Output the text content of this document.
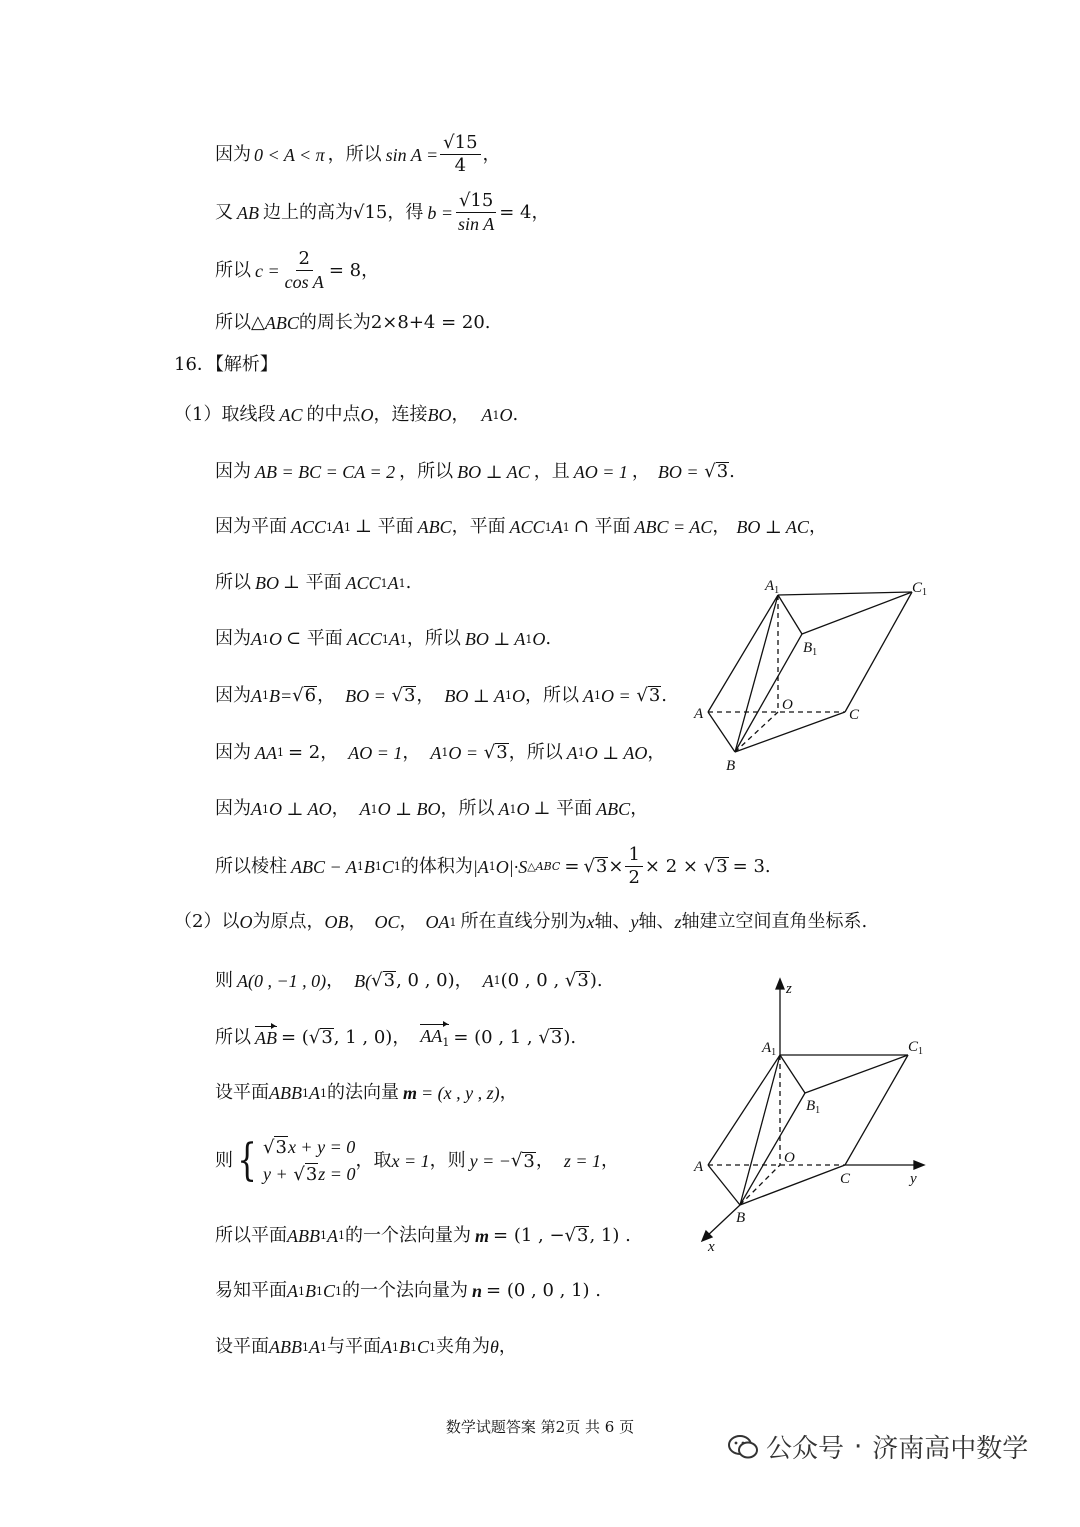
因为 0 < A < π ，所以 $\sin A = \frac{√15}{4}$ ，
又 AB 边上的高为 √15 ，得 $b = \frac{√15}{\text{sin A}} = 4$ ，
所以 $c = \frac{2}{\text{cos A}} = 8$ ，
所以△ ABC 的周长为 2×8+4 = 20 .
16．【解析】
（1）取线段 AC 的中点 O ，连接 BO ， A 1 O .
因为 AB = BC = CA = 2 ，所以 BO ⊥ AC ，且 AO = 1 ， BO = √ 3 .
因为平面 ACC 1 A 1 ⊥ 平面 ABC ，平面 ACC 1 A 1 ∩ 平面 ABC = AC ， BO ⊥ AC ，
所以 BO ⊥ 平面 ACC 1 A 1 .
因为 A 1 O ⊂ 平面 ACC 1 A 1 ，所以 BO ⊥ A 1 O .
因为 A 1 B= √ 6 ， BO = √ 3 ， BO ⊥ A 1 O ，所以 A 1 O = √ 3 .
因为 AA 1 = 2 ， AO = 1 ， A 1 O = √ 3 ，所以 A 1 O ⊥ AO ，
因为 A 1 O ⊥ AO ， A 1 O ⊥ BO ，所以 A 1 O ⊥ 平面 ABC ，
所以棱柱 ABC − A 1 B 1 C 1 的体积为 |A 1 O|·S △ABC = √ $3 \times \frac{1}{2} \times 2$ × √ 3 = 3.
（2）以 O 为原点， OB ， OC ， OA 1 所在直线分别为 x 轴、 y 轴、 z 轴建立空间直角坐标系.
则 A(0 , −1 , 0) ， B( √ 3 , 0 , 0) ， A 1 (0 , 0 , √ 3 ).
所以 AB = ( √ 3 , 1 , 0) ， $AA_1 = (0$ , 1 , √ 3 ).
设平面 ABB 1 A 1 的法向量 m = (x , y , z) ，
则 { √3x + y = 0
y + √3z = 0
，取 x = 1 ，则 y = − √ 3 ， z = 1 ，
所以平面 ABB 1 A 1 的一个法向量为 m = (1 , − √ 3 , 1) .
易知平面 A 1 B 1 C 1 的一个法向量为 n = (0 , 0 , 1) .
设平面 ABB 1 A 1 与平面 A 1 B 1 C 1 夹角为 θ ，
$A_1$	$C_1$
$B_1$
O
A	C
B
z
$A_1$	$C_1$
$B_1$
O
A
C	y
B
x
数学试题答案 第2页 共 6 页
公众号 · 济南高中数学
